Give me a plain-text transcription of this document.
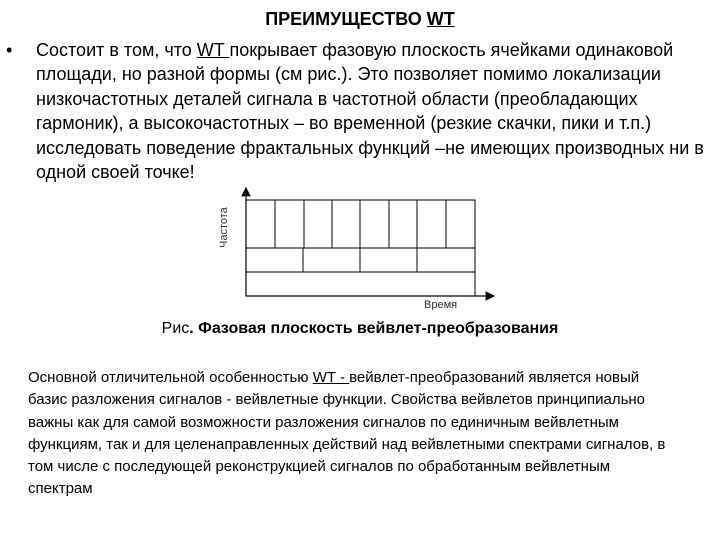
ПРЕИМУЩЕСТВО WT
• Состоит в том, что WT покрывает фазовую плоскость ячейками одинаковой площади, но разной формы (см рис.). Это позволяет помимо локализации низкочастотных деталей сигнала в частотной области (преобладающих гармоник), а высокочастотных – во временной (резкие скачки, пики и т.п.) исследовать поведение фрактальных функций –не имеющих производных ни в одной своей точке!
Частота
Время

Рис. Фазовая плоскость вейвлет-преобразования

Основной отличительной особенностью WT - вейвлет-преобразований является новый базис разложения сигналов - вейвлетные функции. Свойства вейвлетов принципиально важны как для самой возможности разложения сигналов по единичным вейвлетным функциям, так и для целенаправленных действий над вейвлетными спектрами сигналов, в том числе с последующей реконструкцией сигналов по обработанным вейвлетным спектрам
